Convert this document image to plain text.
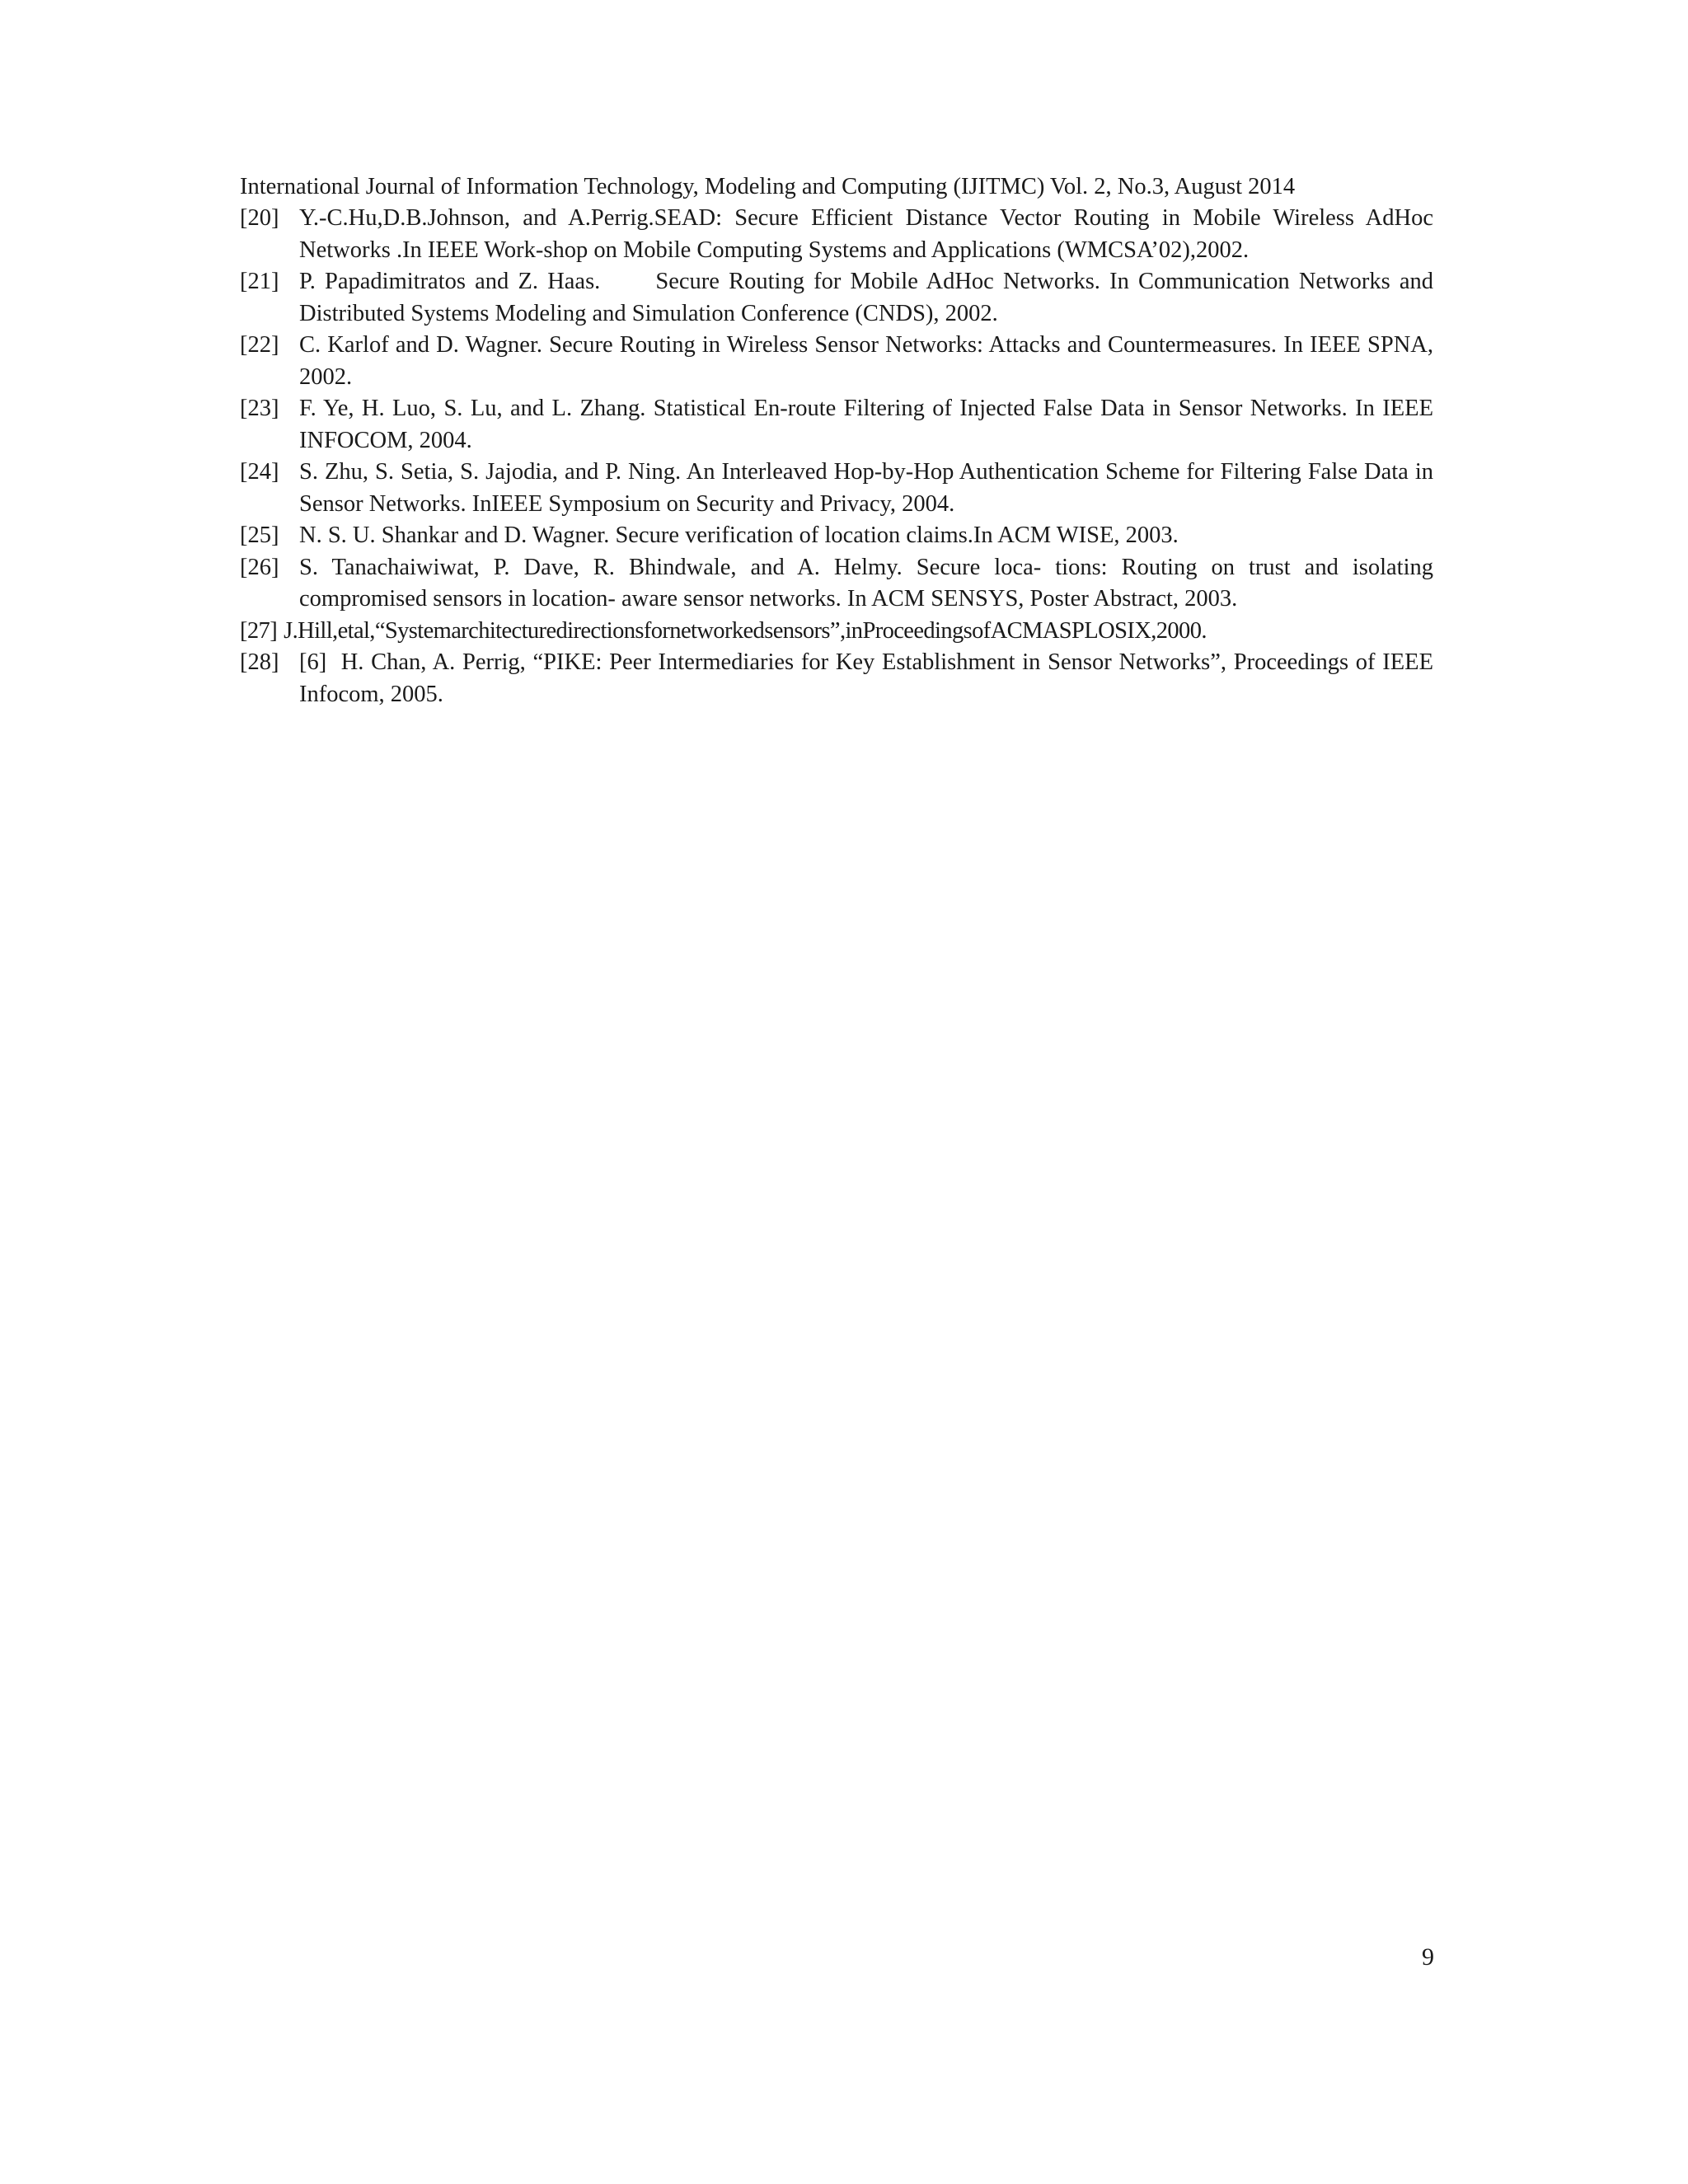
International Journal of Information Technology, Modeling and Computing (IJITMC) Vol. 2, No.3, August 2014
[20] Y.-C.Hu,D.B.Johnson, and A.Perrig.SEAD: Secure Efficient Distance Vector Routing in Mobile Wireless AdHoc Networks .In IEEE Work-shop on Mobile Computing Systems and Applications (WMCSA’02),2002.
[21] P. Papadimitratos and Z. Haas.      Secure Routing for Mobile AdHoc Networks. In Communication Networks and Distributed Systems Modeling and Simulation Conference (CNDS), 2002.
[22] C. Karlof and D. Wagner. Secure Routing in Wireless Sensor Networks: Attacks and Countermeasures. In IEEE SPNA, 2002.
[23] F. Ye, H. Luo, S. Lu, and L. Zhang. Statistical En-route Filtering of Injected False Data in Sensor Networks. In IEEE INFOCOM, 2004.
[24] S. Zhu, S. Setia, S. Jajodia, and P. Ning. An Interleaved Hop-by-Hop Authentication Scheme for Filtering False Data in Sensor Networks. InIEEE Symposium on Security and Privacy, 2004.
[25] N. S. U. Shankar and D. Wagner. Secure verification of location claims.In ACM WISE, 2003.
[26] S. Tanachaiwiwat, P. Dave, R. Bhindwale, and A. Helmy. Secure loca- tions: Routing on trust and isolating compromised sensors in location- aware sensor networks. In ACM SENSYS, Poster Abstract, 2003.
[27] J.Hill,etal,“Systemarchitecturedirectionsfornetworkedsensors”,inProceedingsofACMASPLOSIX,2000.
[28] [6]  H. Chan, A. Perrig, “PIKE: Peer Intermediaries for Key Establishment in Sensor Networks”, Proceedings of IEEE Infocom, 2005.
9
